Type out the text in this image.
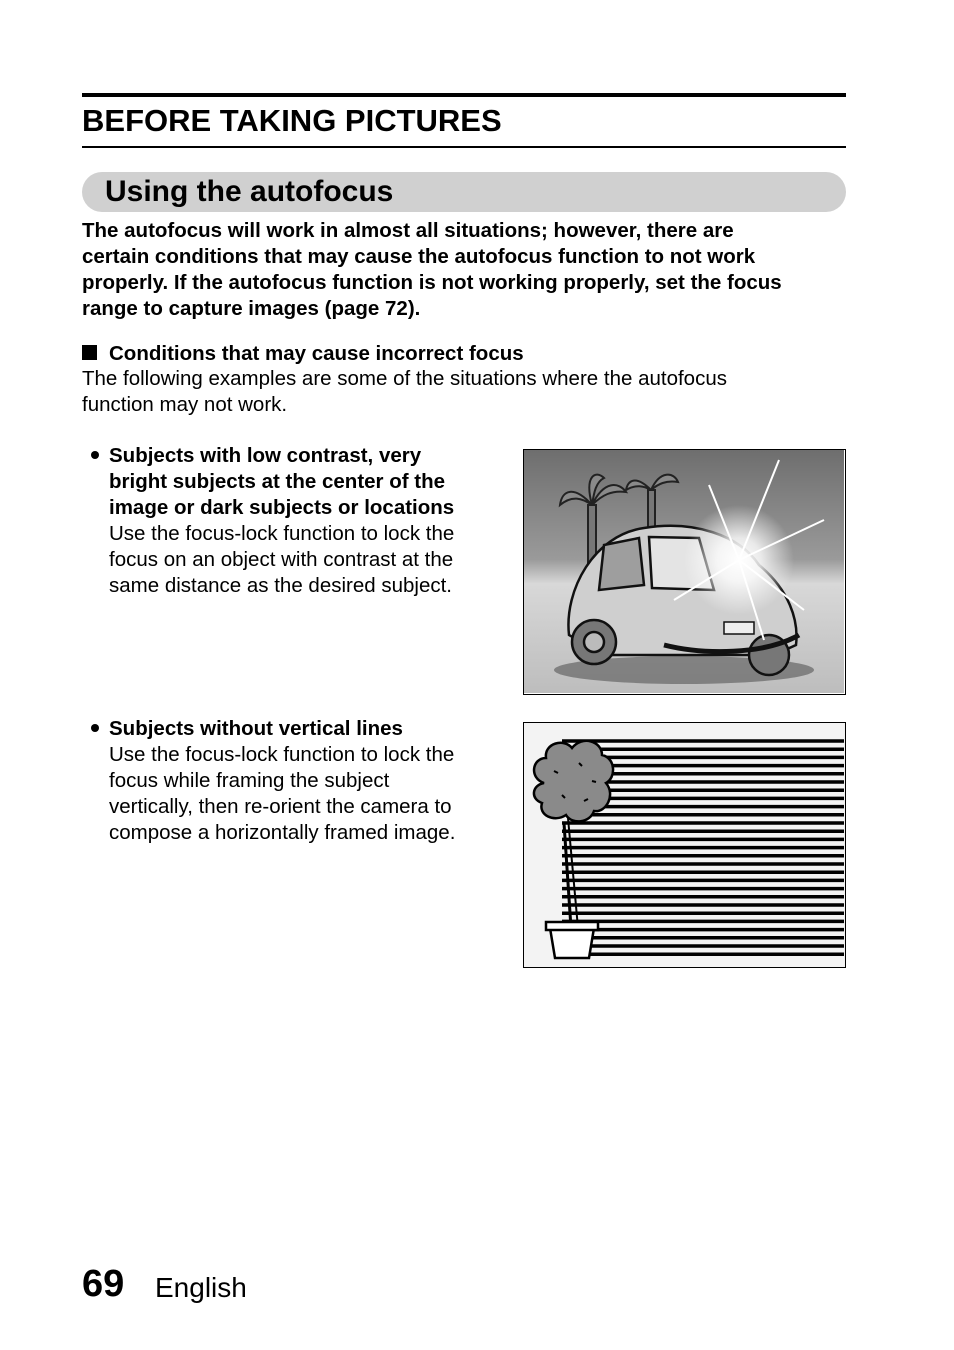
BEFORE TAKING PICTURES
Using the autofocus

The autofocus will work in almost all situations; however, there are

certain conditions that may cause the autofocus function to not work

properly. If the autofocus function is not working properly, set the focus

range to capture images (page 72).

Conditions that may cause incorrect focus

The following examples are some of the situations where the autofocus

function may not work.

Subjects with low contrast, very

bright subjects at the center of the

image or dark subjects or locations

Use the focus-lock function to lock the

focus on an object with contrast at the

same distance as the desired subject.

Subjects without vertical lines

Use the focus-lock function to lock the

focus while framing the subject

vertically, then re-orient the camera to

compose a horizontally framed image.

69 English
